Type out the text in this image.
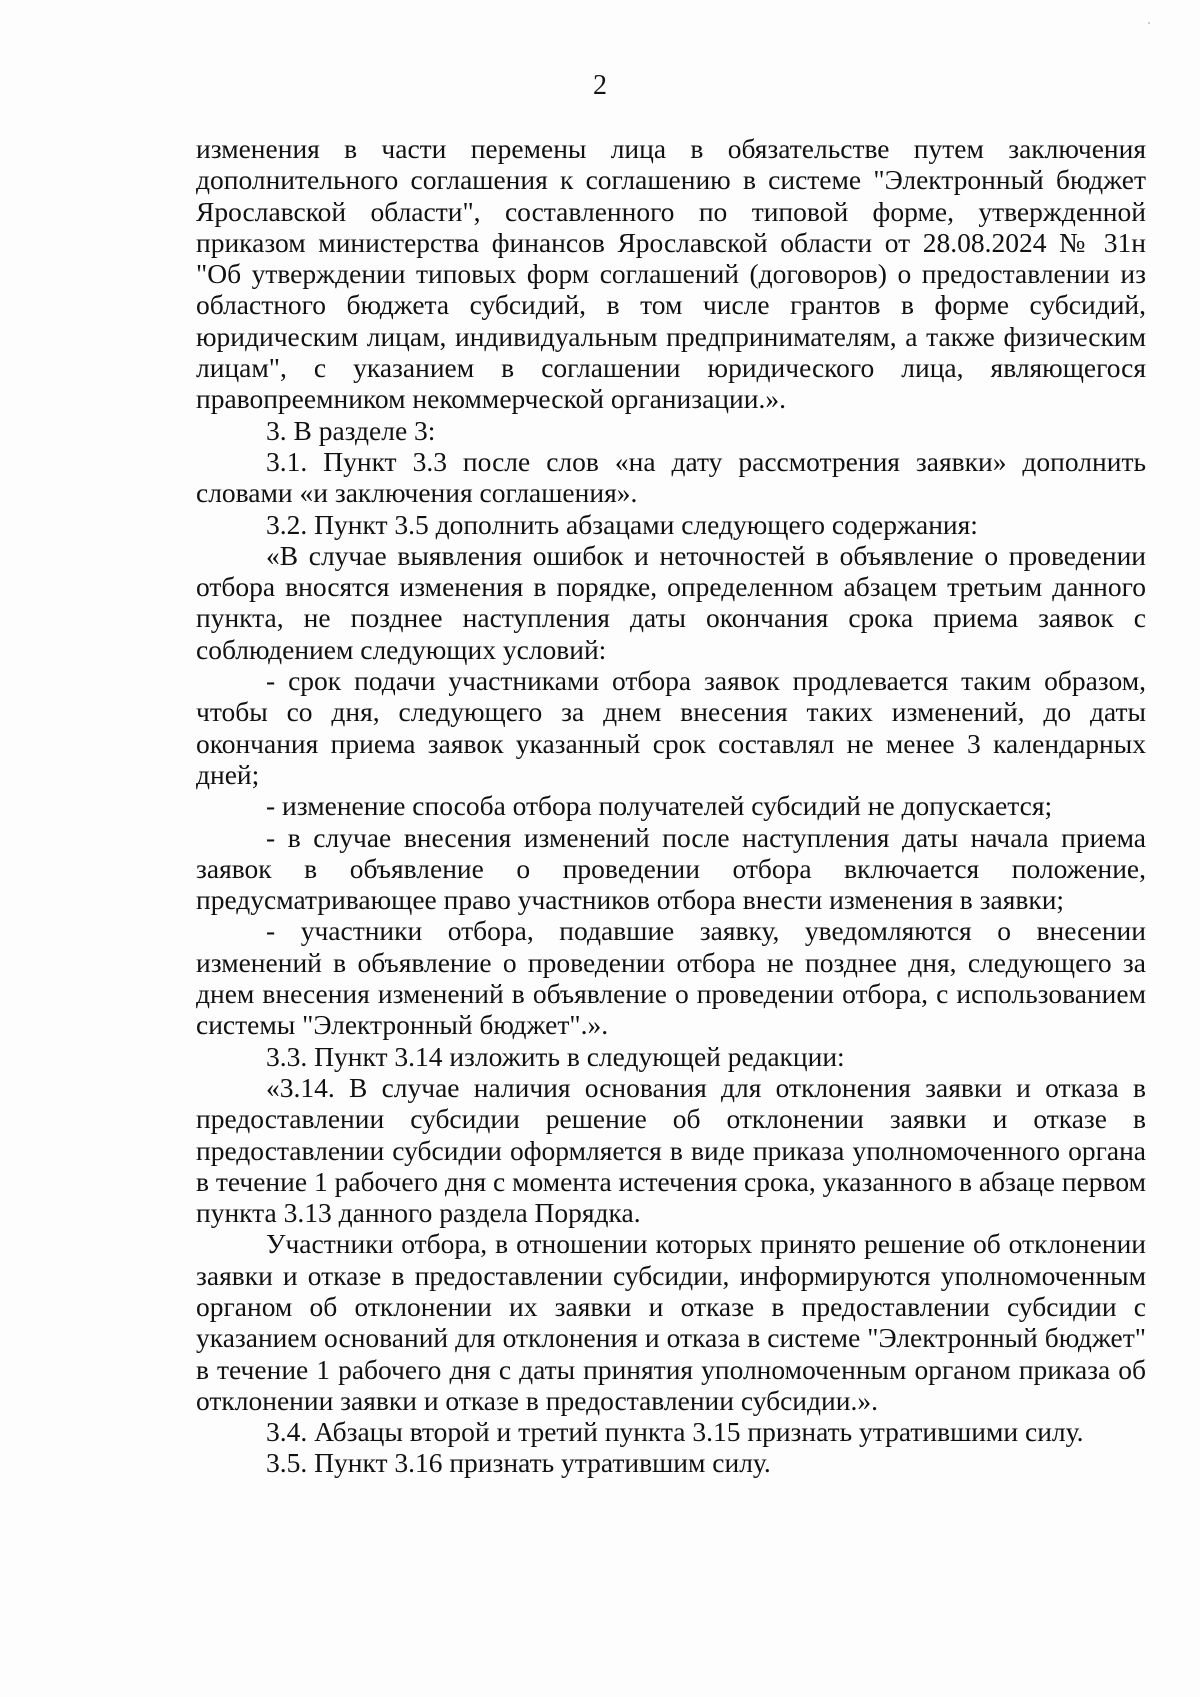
2

изменения в части перемены лица в обязательстве путем заключения дополнительного соглашения к соглашению в системе "Электронный бюджет Ярославской области", составленного по типовой форме, утвержденной приказом министерства финансов Ярославской области от 28.08.2024 № 31н "Об утверждении типовых форм соглашений (договоров) о предоставлении из областного бюджета субсидий, в том числе грантов в форме субсидий, юридическим лицам, индивидуальным предпринимателям, а также физическим лицам", с указанием в соглашении юридического лица, являющегося правопреемником некоммерческой организации.».

3. В разделе 3:

3.1. Пункт 3.3 после слов «на дату рассмотрения заявки» дополнить словами «и заключения соглашения».

3.2. Пункт 3.5 дополнить абзацами следующего содержания:

«В случае выявления ошибок и неточностей в объявление о проведении отбора вносятся изменения в порядке, определенном абзацем третьим данного пункта, не позднее наступления даты окончания срока приема заявок с соблюдением следующих условий:

- срок подачи участниками отбора заявок продлевается таким образом, чтобы со дня, следующего за днем внесения таких изменений, до даты окончания приема заявок указанный срок составлял не менее 3 календарных дней;

- изменение способа отбора получателей субсидий не допускается;

- в случае внесения изменений после наступления даты начала приема заявок в объявление о проведении отбора включается положение, предусматривающее право участников отбора внести изменения в заявки;

- участники отбора, подавшие заявку, уведомляются о внесении изменений в объявление о проведении отбора не позднее дня, следующего за днем внесения изменений в объявление о проведении отбора, с использованием системы "Электронный бюджет".».

3.3. Пункт 3.14 изложить в следующей редакции:

«3.14. В случае наличия основания для отклонения заявки и отказа в предоставлении субсидии решение об отклонении заявки и отказе в предоставлении субсидии оформляется в виде приказа уполномоченного органа в течение 1 рабочего дня с момента истечения срока, указанного в абзаце первом пункта 3.13 данного раздела Порядка.

Участники отбора, в отношении которых принято решение об отклонении заявки и отказе в предоставлении субсидии, информируются уполномоченным органом об отклонении их заявки и отказе в предоставлении субсидии с указанием оснований для отклонения и отказа в системе "Электронный бюджет" в течение 1 рабочего дня с даты принятия уполномоченным органом приказа об отклонении заявки и отказе в предоставлении субсидии.».

3.4. Абзацы второй и третий пункта 3.15 признать утратившими силу.

3.5. Пункт 3.16 признать утратившим силу.
